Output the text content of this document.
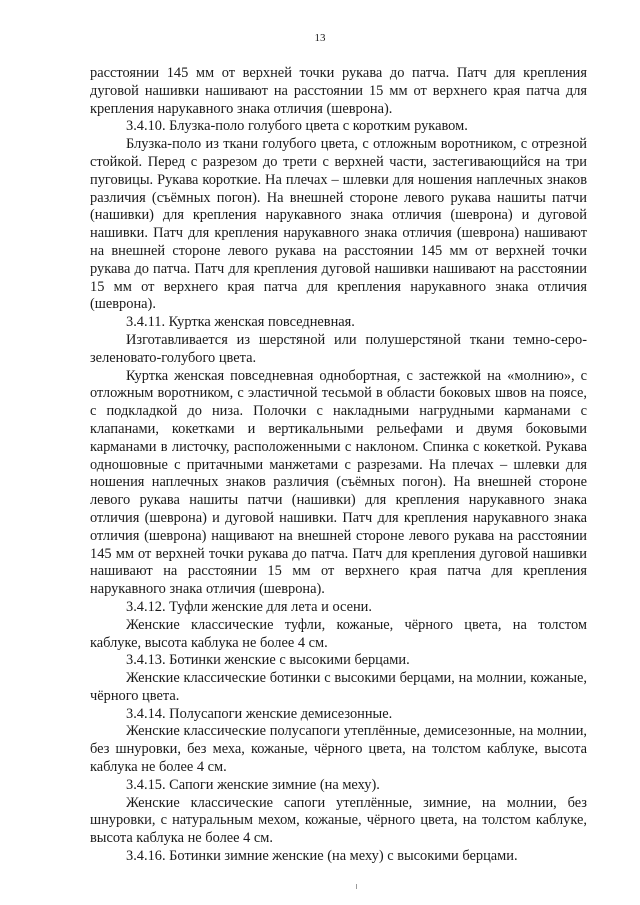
13

расстоянии 145 мм от верхней точки рукава до патча. Патч для крепления дуговой нашивки нашивают на расстоянии 15 мм от верхнего края патча для крепления нарукавного знака отличия (шеврона).

3.4.10. Блузка-поло голубого цвета с коротким рукавом.

Блузка-поло из ткани голубого цвета, с отложным воротником, с отрезной стойкой. Перед с разрезом до трети с верхней части, застегивающийся на три пуговицы. Рукава короткие. На плечах – шлевки для ношения наплечных знаков различия (съёмных погон). На внешней стороне левого рукава нашиты патчи (нашивки) для крепления нарукавного знака отличия (шеврона) и дуговой нашивки. Патч для крепления нарукавного знака отличия (шеврона) нашивают на внешней стороне левого рукава на расстоянии 145 мм от верхней точки рукава до патча. Патч для крепления дуговой нашивки нашивают на расстоянии 15 мм от верхнего края патча для крепления нарукавного знака отличия (шеврона).

3.4.11. Куртка женская повседневная.

Изготавливается из шерстяной или полушерстяной ткани темно-серо-зеленовато-голубого цвета.

Куртка женская повседневная однобортная, с застежкой на «молнию», с отложным воротником, с эластичной тесьмой в области боковых швов на поясе, с подкладкой до низа. Полочки с накладными нагрудными карманами с клапанами, кокетками и вертикальными рельефами и двумя боковыми карманами в листочку, расположенными с наклоном. Спинка с кокеткой. Рукава одношовные с притачными манжетами с разрезами. На плечах – шлевки для ношения наплечных знаков различия (съёмных погон). На внешней стороне левого рукава нашиты патчи (нашивки) для крепления нарукавного знака отличия (шеврона) и дуговой нашивки. Патч для крепления нарукавного знака отличия (шеврона) нащивают на внешней стороне левого рукава на расстоянии 145 мм от верхней точки рукава до патча. Патч для крепления дуговой нашивки нашивают на расстоянии 15 мм от верхнего края патча для крепления нарукавного знака отличия (шеврона).

3.4.12. Туфли женские для лета и осени.

Женские классические туфли, кожаные, чёрного цвета, на толстом каблуке, высота каблука не более 4 см.

3.4.13. Ботинки женские с высокими берцами.

Женские классические ботинки с высокими берцами, на молнии, кожаные, чёрного цвета.

3.4.14. Полусапоги женские демисезонные.

Женские классические полусапоги утеплённые, демисезонные, на молнии, без шнуровки, без меха, кожаные, чёрного цвета, на толстом каблуке, высота каблука не более 4 см.

3.4.15. Сапоги женские зимние (на меху).

Женские классические сапоги утеплённые, зимние, на молнии, без шнуровки, с натуральным мехом, кожаные, чёрного цвета, на толстом каблуке, высота каблука не более 4 см.

3.4.16. Ботинки зимние женские (на меху) с высокими берцами.
